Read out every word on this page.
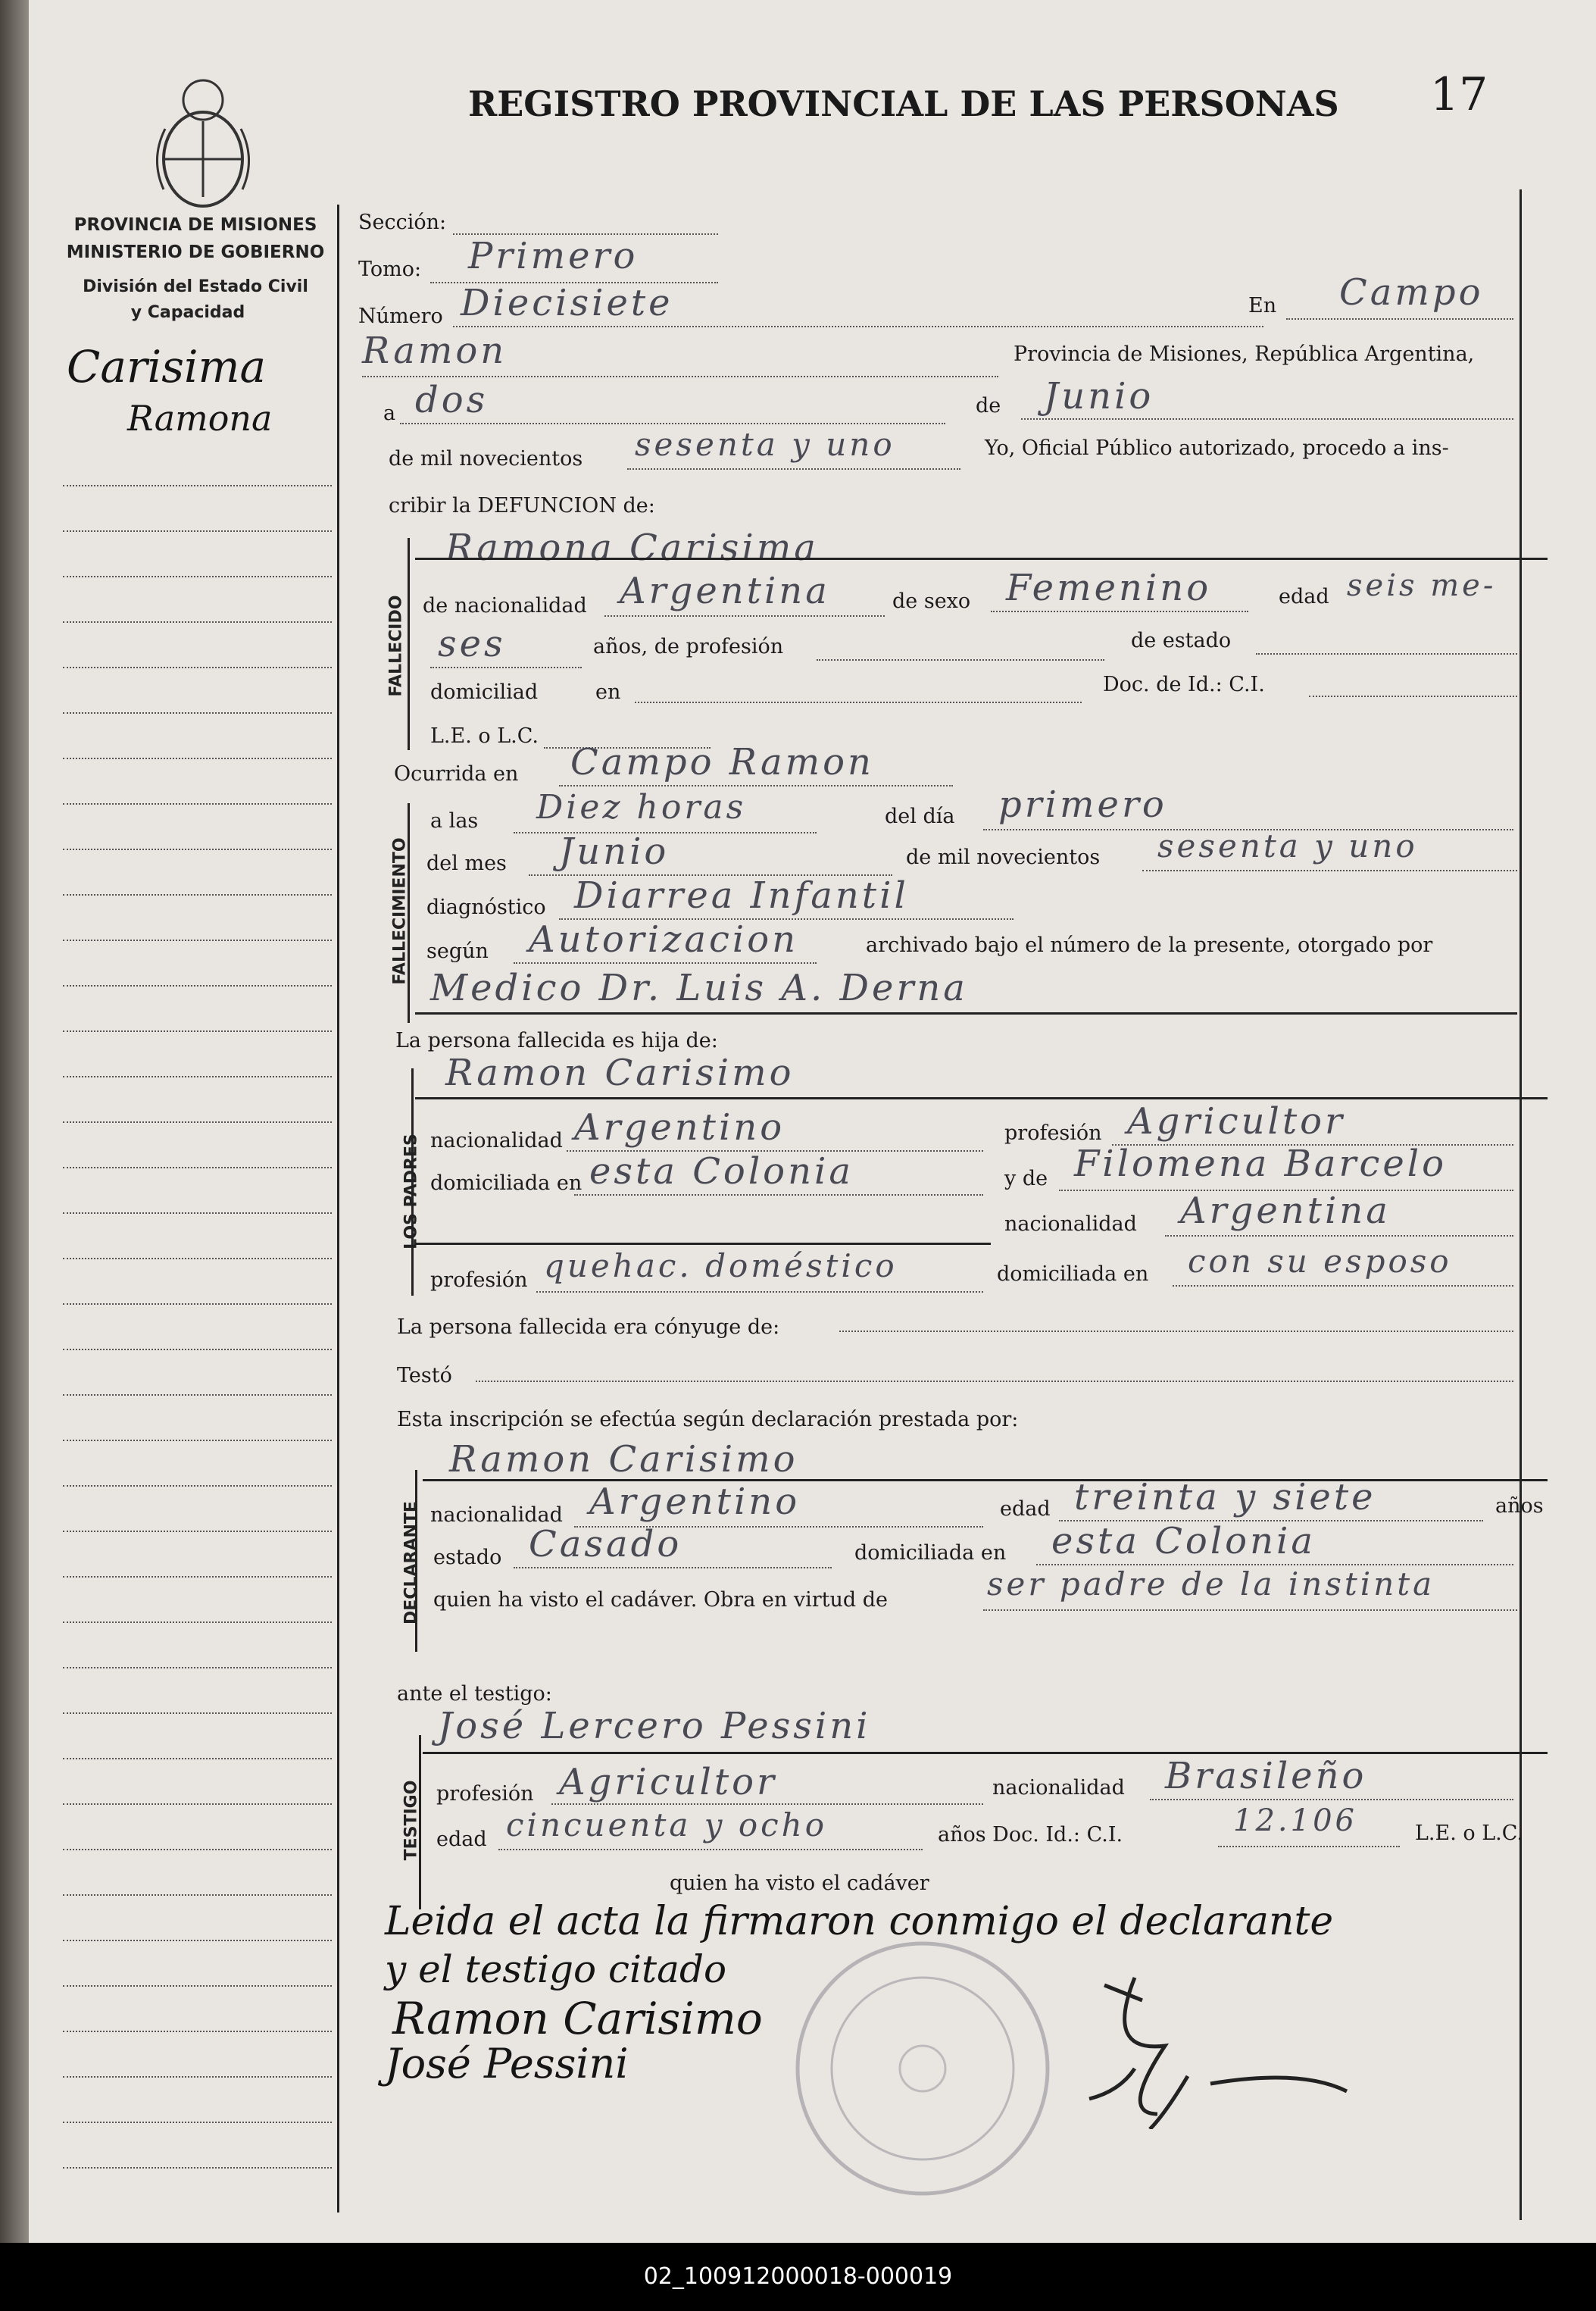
REGISTRO PROVINCIAL DE LAS PERSONAS 17
PROVINCIA DE MISIONES
MINISTERIO DE GOBIERNO
División del Estado Civil
y Capacidad
Carisima
Ramona
Sección:
Tomo: Primero
Número Diecisiete	En Campo
Ramon	Provincia de Misiones, República Argentina,
a dos	de Junio
de mil novecientos sesenta y uno	Yo, Oficial Público autorizado, procedo a ins-
cribir la DEFUNCION de:
FALLECIDO
Ramona Carisima
de nacionalidad Argentina	de sexo Femenino	edad seis me-
ses	años, de profesión	de estado
domiciliad	en	Doc. de Id.: C.I.
L.E. o L.C.
Ocurrida en Campo Ramon
FALLECIMIENTO
a las Diez horas	del día primero
del mes Junio	de mil novecientos sesenta y uno
diagnóstico Diarrea Infantil
según Autorizacion	archivado bajo el número de la presente, otorgado por
Medico Dr. Luis A. Derna
La persona fallecida es hija de:
LOS PADRES
Ramon Carisimo
nacionalidad Argentino	profesión Agricultor
domiciliada en esta Colonia	y de Filomena Barcelo
nacionalidad Argentina
profesión quehac. doméstico	domiciliada en con su esposo
La persona fallecida era cónyuge de:
Testó
Esta inscripción se efectúa según declaración prestada por:
DECLARANTE
Ramon Carisimo
nacionalidad Argentino	edad treinta y siete	años
estado Casado	domiciliada en esta Colonia
quien ha visto el cadáver. Obra en virtud de	ser padre de la instinta
ante el testigo:
TESTIGO
José Lercero Pessini
profesión Agricultor	nacionalidad Brasileño
edad cincuenta y ocho	años Doc. Id.: C.I.	12.106	L.E. o L.C.
quien ha visto el cadáver
Leida el acta la firmaron conmigo el declarante
y el testigo citado
Ramon Carisimo
José Pessini
02_100912000018-000019
